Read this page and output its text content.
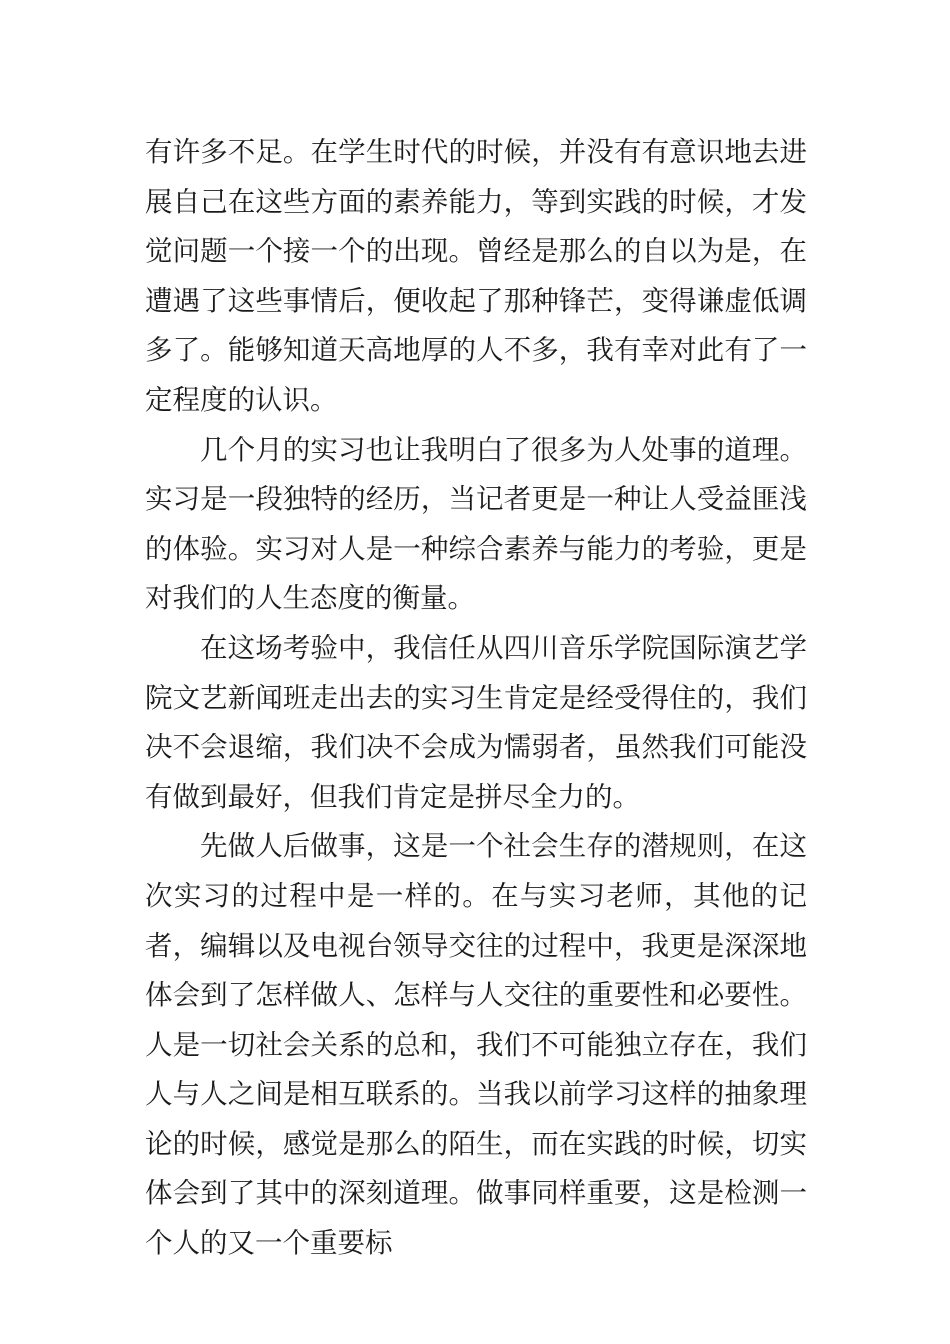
有许多不足。在学生时代的时候，并没有有意识地去进展自己在这些方面的素养能力，等到实践的时候，才发觉问题一个接一个的出现。曾经是那么的自以为是，在遭遇了这些事情后，便收起了那种锋芒，变得谦虚低调多了。能够知道天高地厚的人不多，我有幸对此有了一定程度的认识。

几个月的实习也让我明白了很多为人处事的道理。实习是一段独特的经历，当记者更是一种让人受益匪浅的体验。实习对人是一种综合素养与能力的考验，更是对我们的人生态度的衡量。

在这场考验中，我信任从四川音乐学院国际演艺学院文艺新闻班走出去的实习生肯定是经受得住的，我们决不会退缩，我们决不会成为懦弱者，虽然我们可能没有做到最好，但我们肯定是拼尽全力的。

先做人后做事，这是一个社会生存的潜规则，在这次实习的过程中是一样的。在与实习老师，其他的记者，编辑以及电视台领导交往的过程中，我更是深深地体会到了怎样做人、怎样与人交往的重要性和必要性。人是一切社会关系的总和，我们不可能独立存在，我们人与人之间是相互联系的。当我以前学习这样的抽象理论的时候，感觉是那么的陌生，而在实践的时候，切实体会到了其中的深刻道理。做事同样重要，这是检测一个人的又一个重要标
